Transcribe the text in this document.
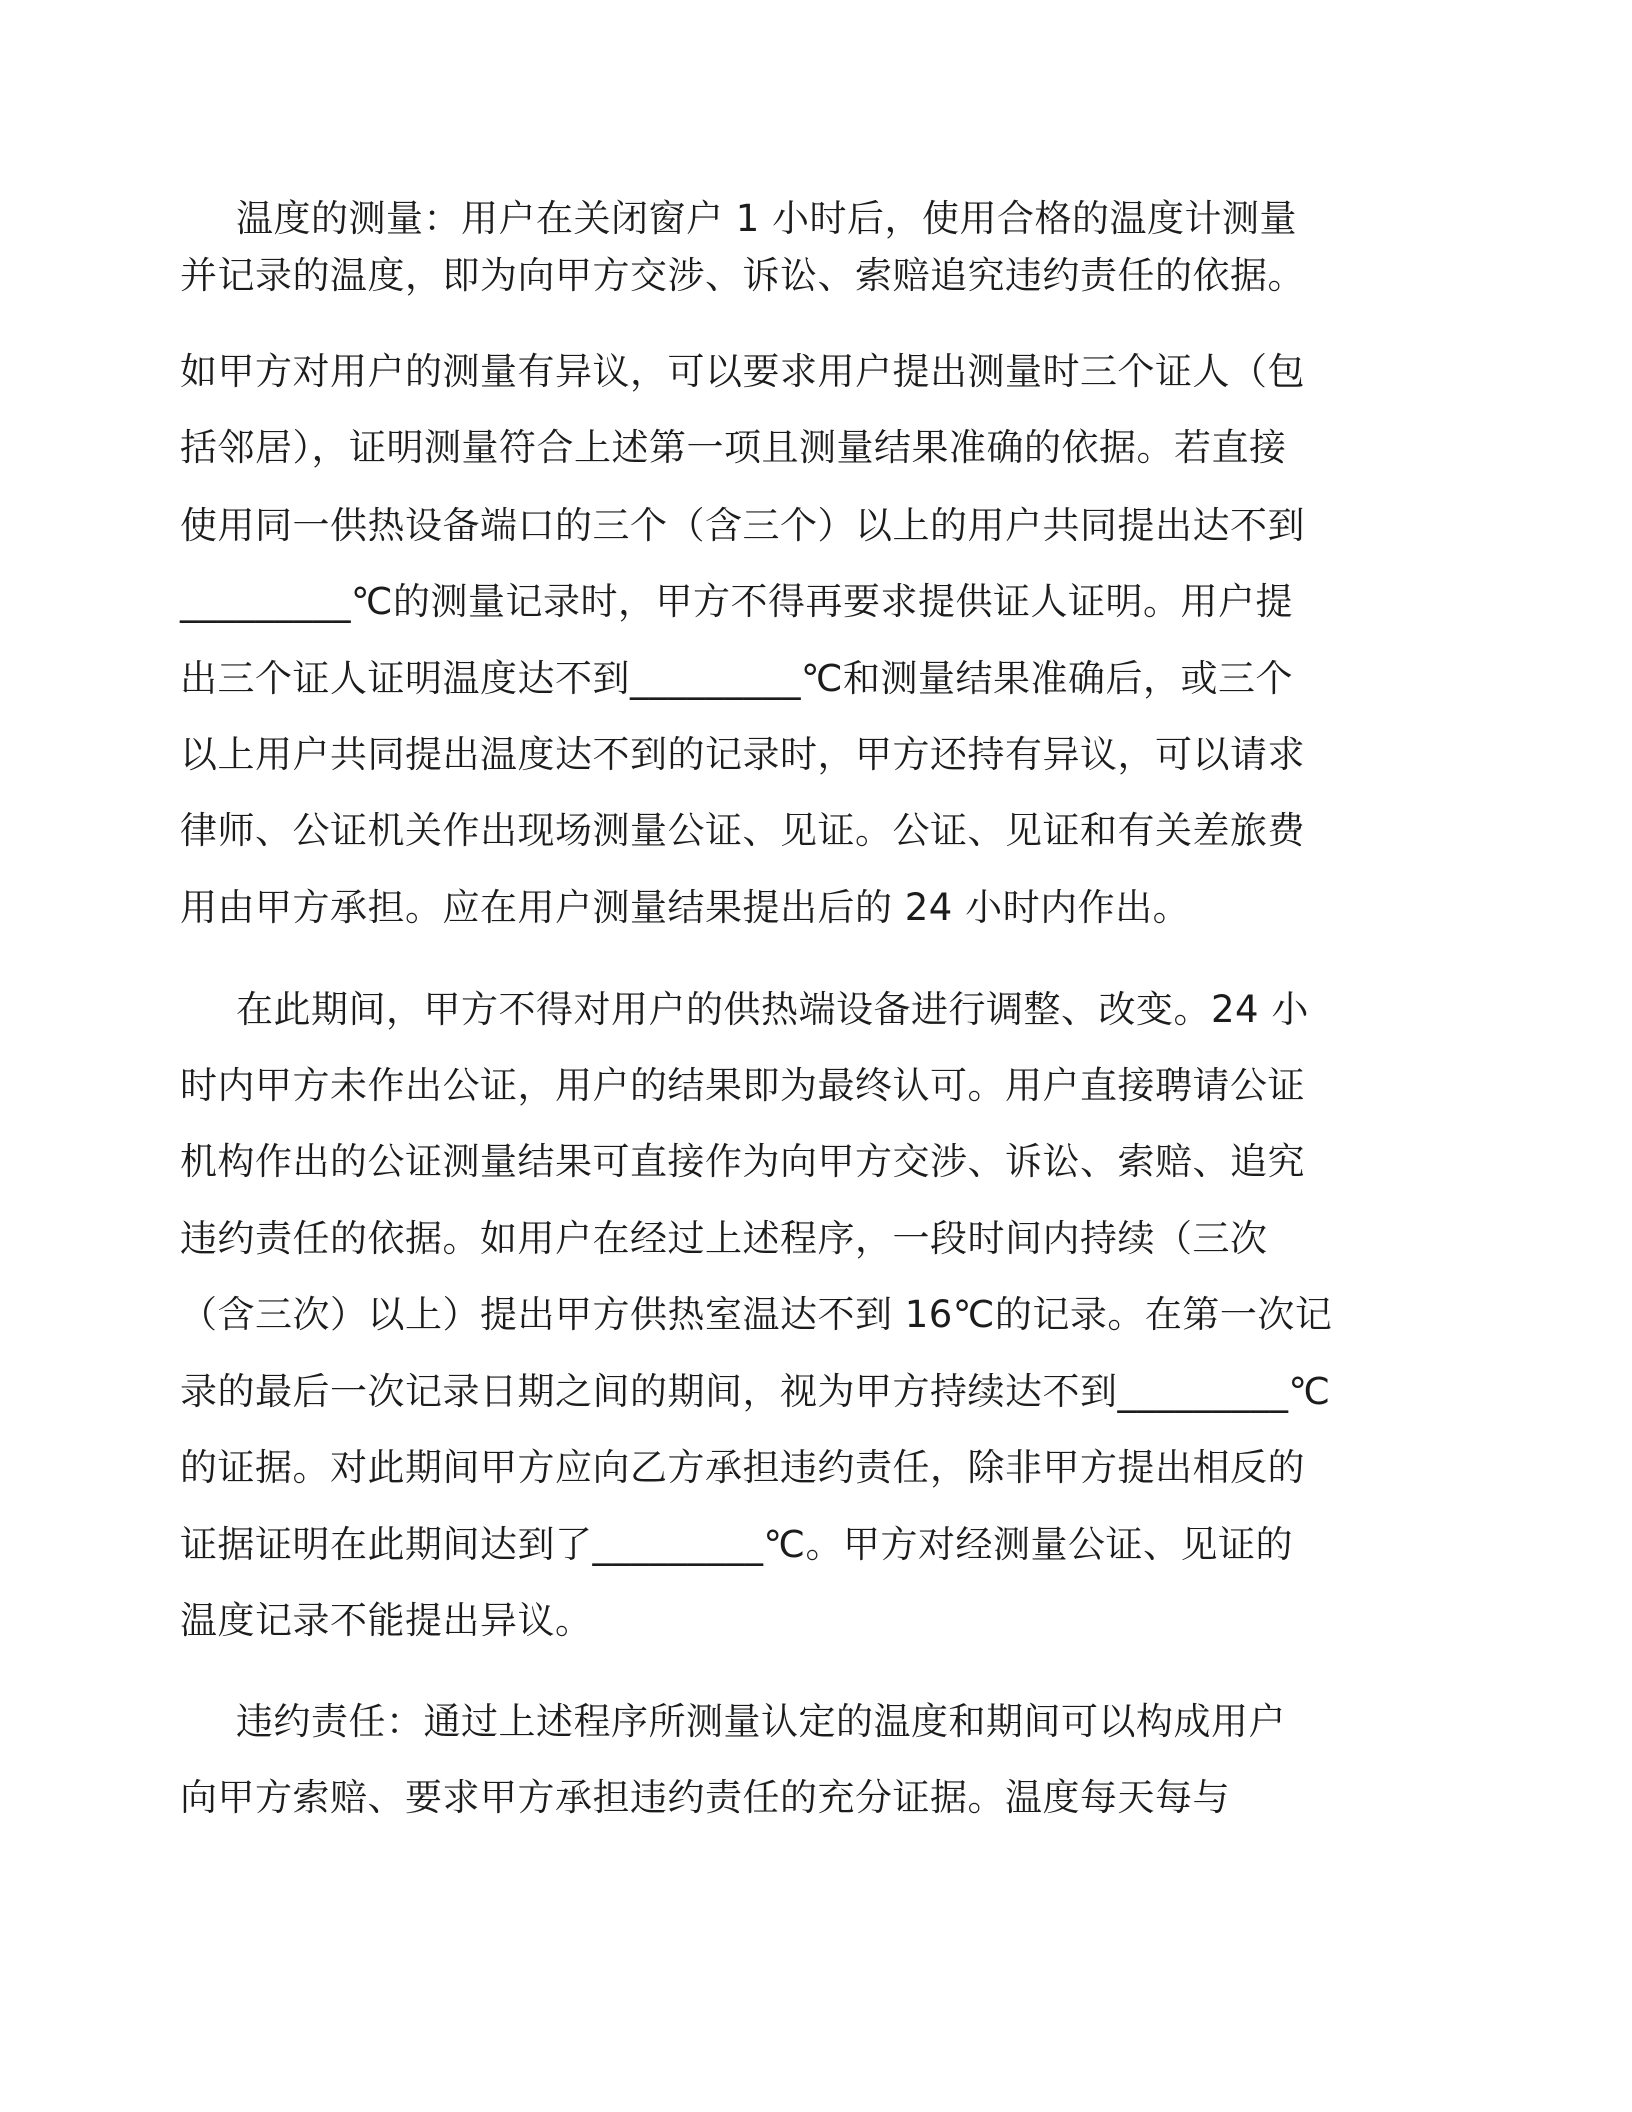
温度的测量：用户在关闭窗户 1 小时后，使用合格的温度计测量

并记录的温度，即为向甲方交涉、诉讼、索赔追究违约责任的依据。

如甲方对用户的测量有异议，可以要求用户提出测量时三个证人（包

括邻居），证明测量符合上述第一项且测量结果准确的依据。若直接

使用同一供热设备端口的三个（含三个）以上的用户共同提出达不到

_________℃的测量记录时，甲方不得再要求提供证人证明。用户提

出三个证人证明温度达不到_________℃和测量结果准确后，或三个

以上用户共同提出温度达不到的记录时，甲方还持有异议，可以请求

律师、公证机关作出现场测量公证、见证。公证、见证和有关差旅费

用由甲方承担。应在用户测量结果提出后的 24 小时内作出。

在此期间，甲方不得对用户的供热端设备进行调整、改变。24 小

时内甲方未作出公证，用户的结果即为最终认可。用户直接聘请公证

机构作出的公证测量结果可直接作为向甲方交涉、诉讼、索赔、追究

违约责任的依据。如用户在经过上述程序，一段时间内持续（三次

（含三次）以上）提出甲方供热室温达不到 16℃的记录。在第一次记

录的最后一次记录日期之间的期间，视为甲方持续达不到_________℃

的证据。对此期间甲方应向乙方承担违约责任，除非甲方提出相反的

证据证明在此期间达到了_________℃。甲方对经测量公证、见证的

温度记录不能提出异议。

违约责任：通过上述程序所测量认定的温度和期间可以构成用户

向甲方索赔、要求甲方承担违约责任的充分证据。温度每天每与
